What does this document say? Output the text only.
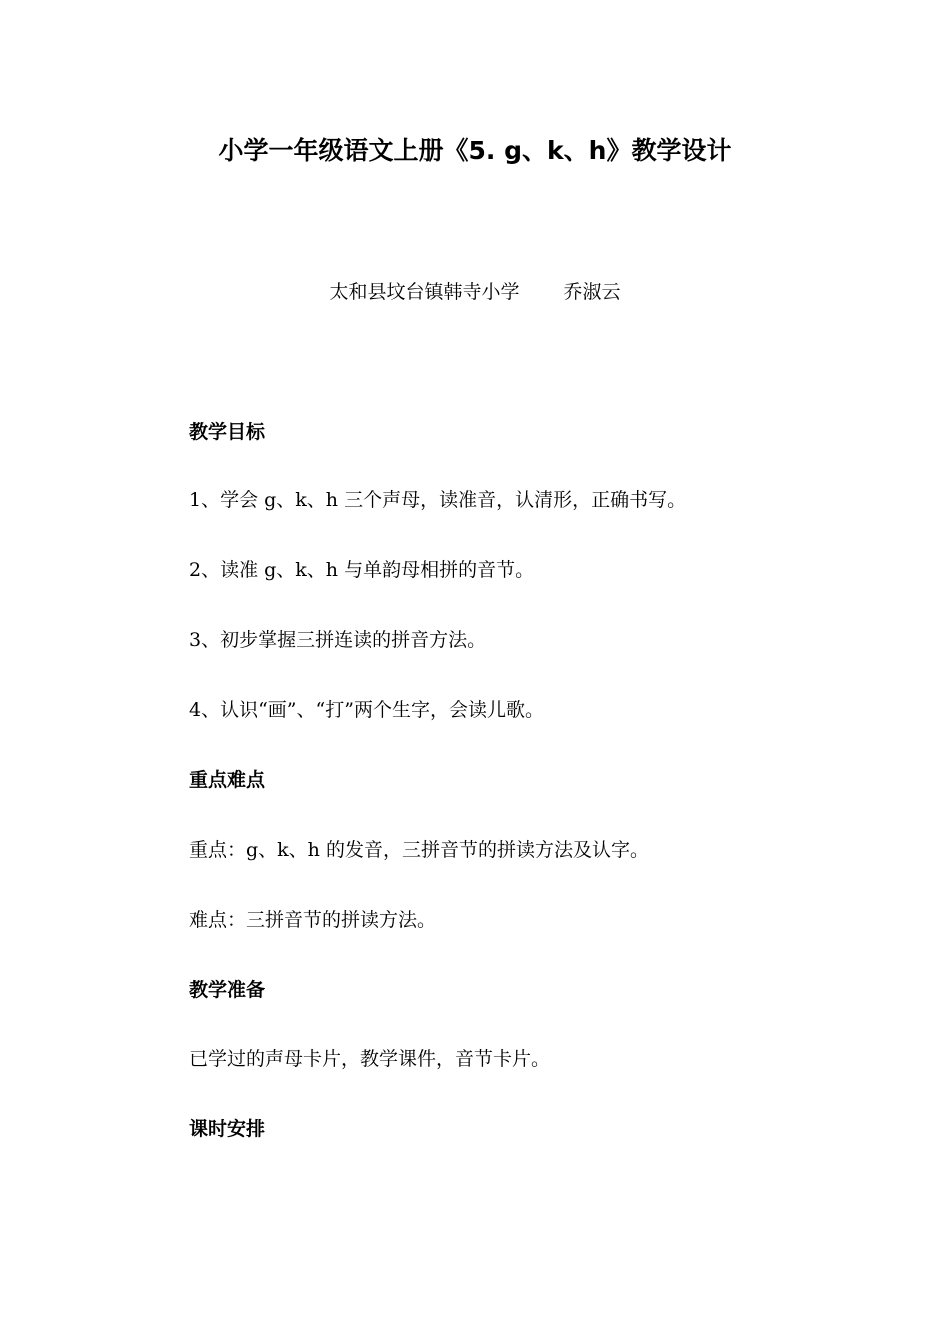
小学一年级语文上册《5. g、k、h》教学设计
太和县坟台镇韩寺小学 乔淑云
教学目标
1、学会 g、k、h 三个声母，读准音，认清形，正确书写。
2、读准 g、k、h 与单韵母相拼的音节。
3、初步掌握三拼连读的拼音方法。
4、认识“画”、“打”两个生字，会读儿歌。
重点难点
重点：g、k、h 的发音，三拼音节的拼读方法及认字。
难点：三拼音节的拼读方法。
教学准备
已学过的声母卡片，教学课件，音节卡片。
课时安排
